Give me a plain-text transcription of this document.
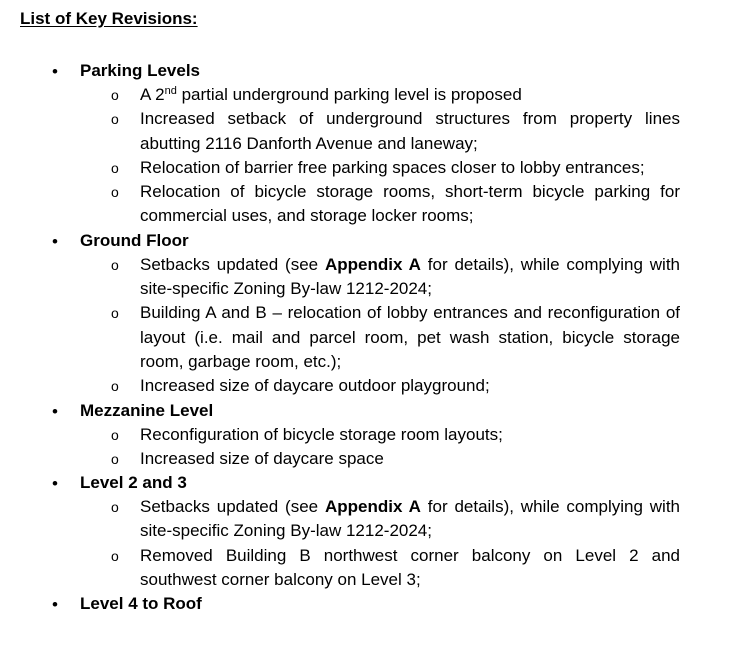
List of Key Revisions:
• Parking Levels
o
A 2nd partial underground parking level is proposed
o
Increased setback of underground structures from property lines abutting 2116 Danforth Avenue and laneway;
o
Relocation of barrier free parking spaces closer to lobby entrances;
o
Relocation of bicycle storage rooms, short-term bicycle parking for commercial uses, and storage locker rooms;
• Ground Floor
o
Setbacks updated (see Appendix A for details), while complying with site-specific Zoning By-law 1212-2024;
o
Building A and B – relocation of lobby entrances and reconfiguration of layout (i.e. mail and parcel room, pet wash station, bicycle storage room, garbage room, etc.);
o
Increased size of daycare outdoor playground;
• Mezzanine Level
o
Reconfiguration of bicycle storage room layouts;
o
Increased size of daycare space
• Level 2 and 3
o
Setbacks updated (see Appendix A for details), while complying with site-specific Zoning By-law 1212-2024;
o
Removed Building B northwest corner balcony on Level 2 and southwest corner balcony on Level 3;
• Level 4 to Roof
